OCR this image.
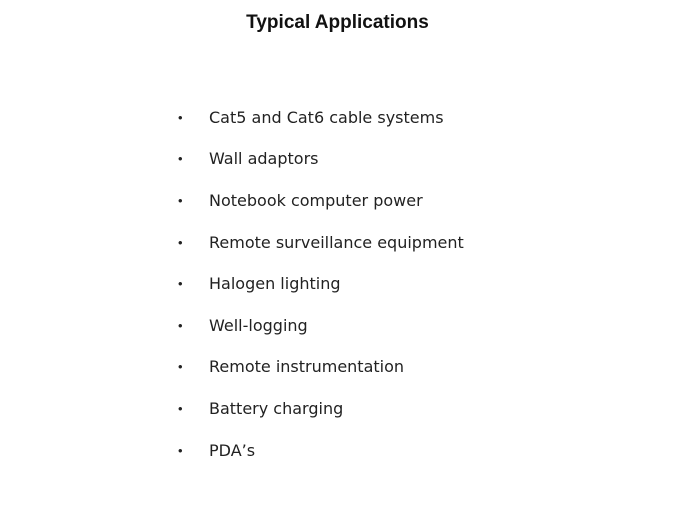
Typical Applications
•	Cat5 and Cat6 cable systems
•	Wall adaptors
•	Notebook computer power
•	Remote surveillance equipment
•	Halogen lighting
•	Well-logging
•	Remote instrumentation
•	Battery charging
•	PDA’s
